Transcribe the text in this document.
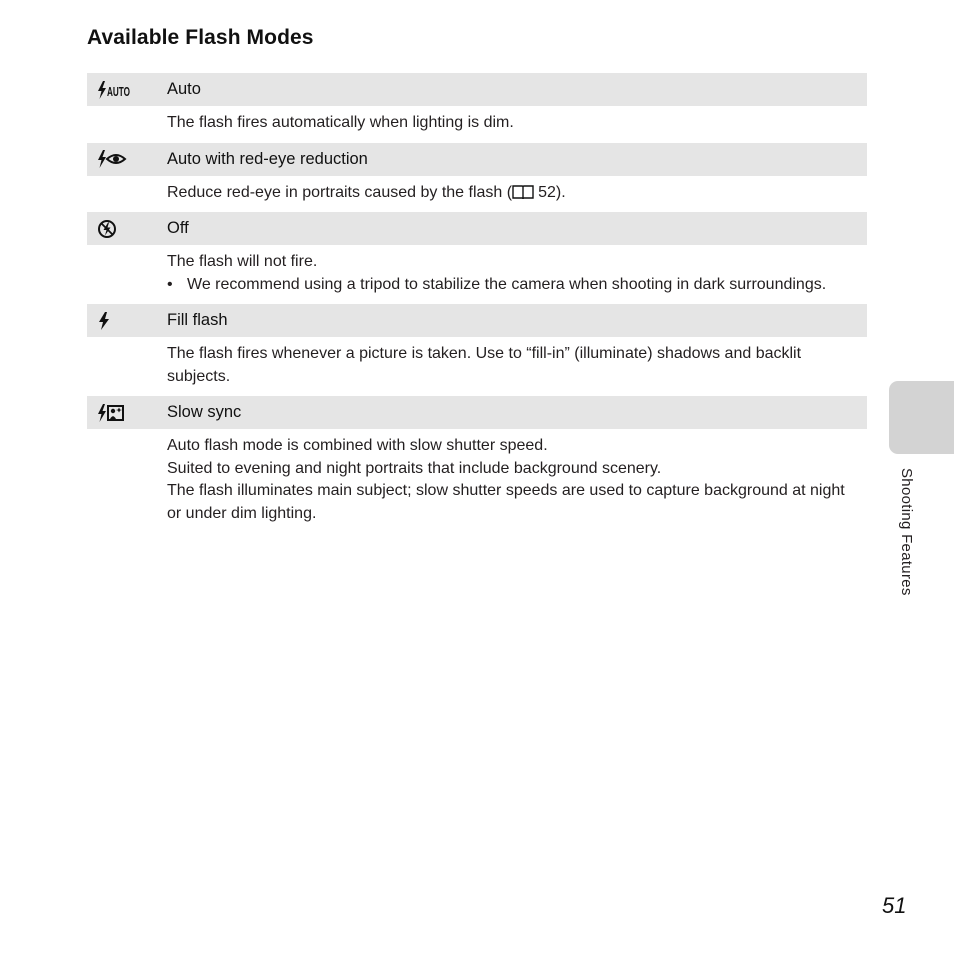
Available Flash Modes
AUTO Auto

The flash fires automatically when lighting is dim.

Auto with red-eye reduction

Reduce red-eye in portraits caused by the flash ( 52).

Off

The flash will not fire.

• We recommend using a tripod to stabilize the camera when shooting in dark surroundings.
Fill flash

The flash fires whenever a picture is taken. Use to “fill-in” (illuminate) shadows and backlit subjects.

Slow sync

Auto flash mode is combined with slow shutter speed.

Suited to evening and night portraits that include background scenery.

The flash illuminates main subject; slow shutter speeds are used to capture background at night or under dim lighting.	Shooting Features
51
